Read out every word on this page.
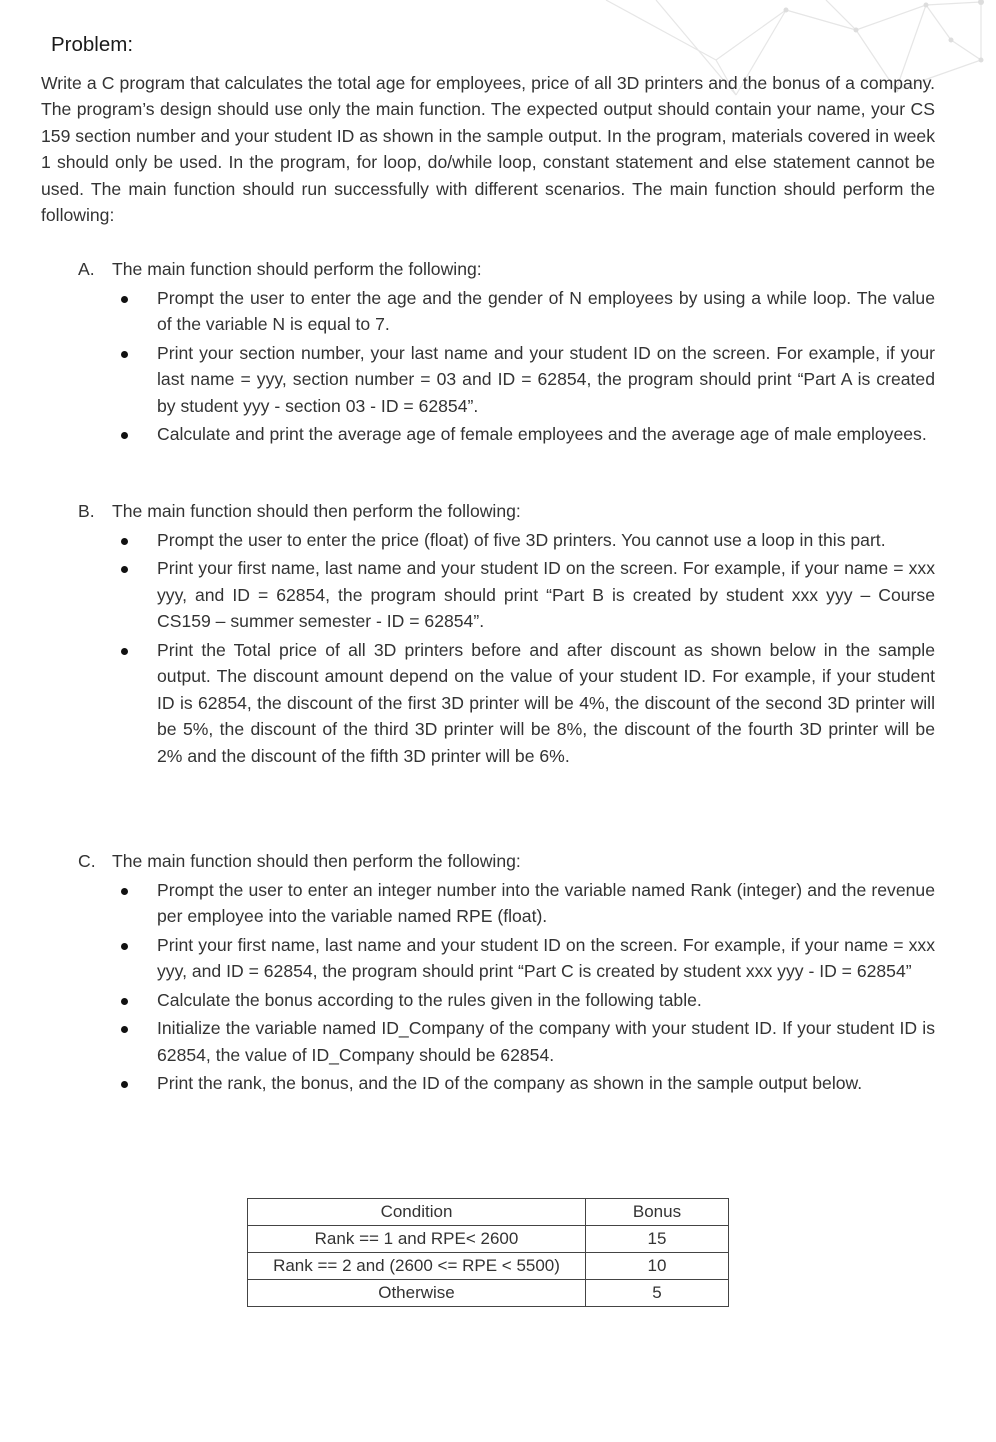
Problem:

Write a C program that calculates the total age for employees, price of all 3D printers and the bonus of a company. The program’s design should use only the main function. The expected output should contain your name, your CS 159 section number and your student ID as shown in the sample output. In the program, materials covered in week 1 should only be used. In the program, for loop, do/while loop, constant statement and else statement cannot be used. The main function should run successfully with different scenarios. The main function should perform the following:

A. The main function should perform the following:
Prompt the user to enter the age and the gender of N employees by using a while loop. The value of the variable N is equal to 7.
Print your section number, your last name and your student ID on the screen. For example, if your last name = yyy, section number = 03 and ID = 62854, the program should print “Part A is created by student yyy - section 03 - ID = 62854”.
Calculate and print the average age of female employees and the average age of male employees.
B. The main function should then perform the following:
Prompt the user to enter the price (float) of five 3D printers. You cannot use a loop in this part.
Print your first name, last name and your student ID on the screen. For example, if your name = xxx yyy, and ID = 62854, the program should print “Part B is created by student xxx yyy – Course CS159 – summer semester - ID = 62854”.
Print the Total price of all 3D printers before and after discount as shown below in the sample output. The discount amount depend on the value of your student ID. For example, if your student ID is 62854, the discount of the first 3D printer will be 4%, the discount of the second 3D printer will be 5%, the discount of the third 3D printer will be 8%, the discount of the fourth 3D printer will be 2% and the discount of the fifth 3D printer will be 6%.
C. The main function should then perform the following:
Prompt the user to enter an integer number into the variable named Rank (integer) and the revenue per employee into the variable named RPE (float).
Print your first name, last name and your student ID on the screen. For example, if your name = xxx yyy, and ID = 62854, the program should print “Part C is created by student xxx yyy - ID = 62854”
Calculate the bonus according to the rules given in the following table.
Initialize the variable named ID_Company of the company with your student ID. If your student ID is 62854, the value of ID_Company should be 62854.
Print the rank, the bonus, and the ID of the company as shown in the sample output below.
Condition	Bonus
Rank == 1 and RPE< 2600	15
Rank == 2 and (2600 <= RPE < 5500)	10
Otherwise	5
